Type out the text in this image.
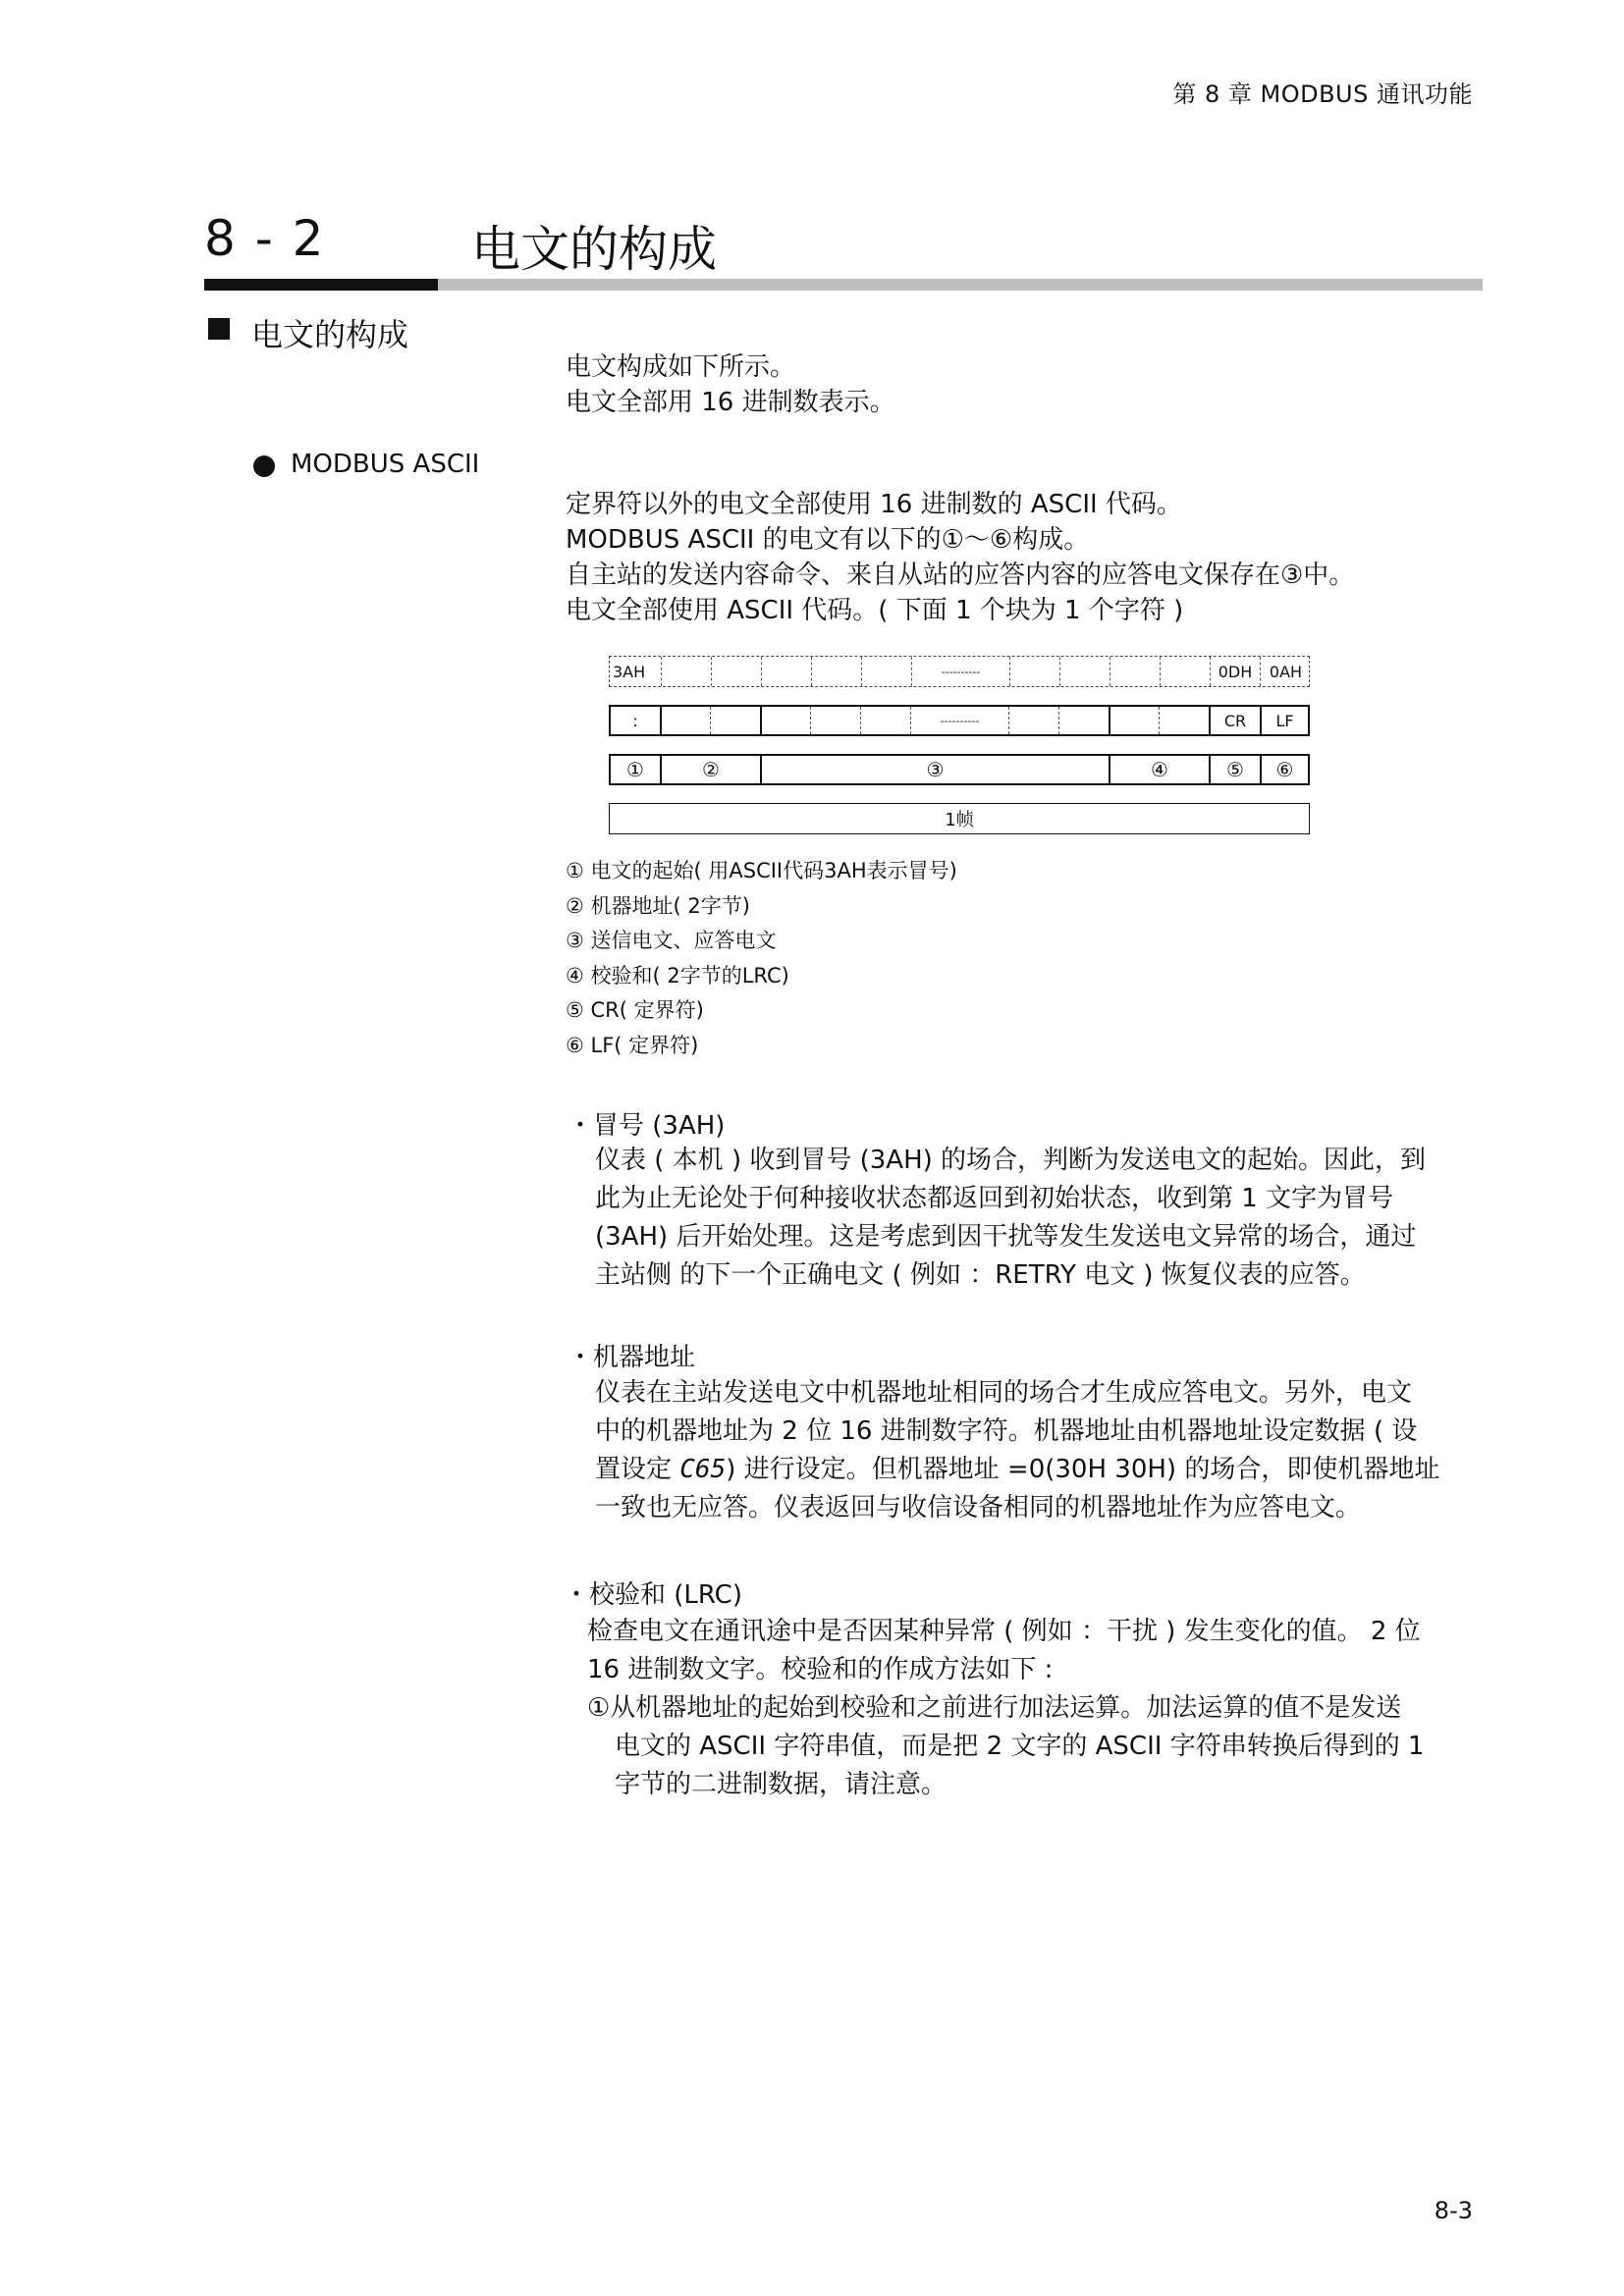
第 8 章 MODBUS 通讯功能
8 - 2	电文的构成
电文的构成
电文构成如下所示。
电文全部用 16 进制数表示。
MODBUS ASCII
定界符以外的电文全部使用 16 进制数的 ASCII 代码。
MODBUS ASCII 的电文有以下的①～⑥构成。
自主站的发送内容命令、来自从站的应答内容的应答电文保存在③中。
电文全部使用 ASCII 代码。( 下面 1 个块为 1 个字符 )
3AH	----------	0DH 0AH
:	----------	CR LF
①	②	③	④	⑤ ⑥
1帧
① 电文的起始( 用ASCII代码3AH表示冒号)
② 机器地址( 2字节)
③ 送信电文、应答电文
④ 校验和( 2字节的LRC)
⑤ CR( 定界符)
⑥ LF( 定界符)
・冒号 (3AH)
仪表 ( 本机 ) 收到冒号 (3AH) 的场合，判断为发送电文的起始。因此，到
此为止无论处于何种接收状态都返回到初始状态，收到第 1 文字为冒号
(3AH) 后开始处理。这是考虑到因干扰等发生发送电文异常的场合，通过
主站侧 的下一个正确电文 ( 例如 ：RETRY 电文 ) 恢复仪表的应答。
・机器地址
仪表在主站发送电文中机器地址相同的场合才生成应答电文。另外，电文
中的机器地址为 2 位 16 进制数字符。机器地址由机器地址设定数据 ( 设
置设定 C65) 进行设定。但机器地址 =0(30H 30H) 的场合，即使机器地址
一致也无应答。仪表返回与收信设备相同的机器地址作为应答电文。
・校验和 (LRC)
检查电文在通讯途中是否因某种异常 ( 例如 ：干扰 ) 发生变化的值。 2 位
16 进制数文字。校验和的作成方法如下 :
①从机器地址的起始到校验和之前进行加法运算。加法运算的值不是发送
电文的 ASCII 字符串值，而是把 2 文字的 ASCII 字符串转换后得到的 1
字节的二进制数据，请注意。
8-3
